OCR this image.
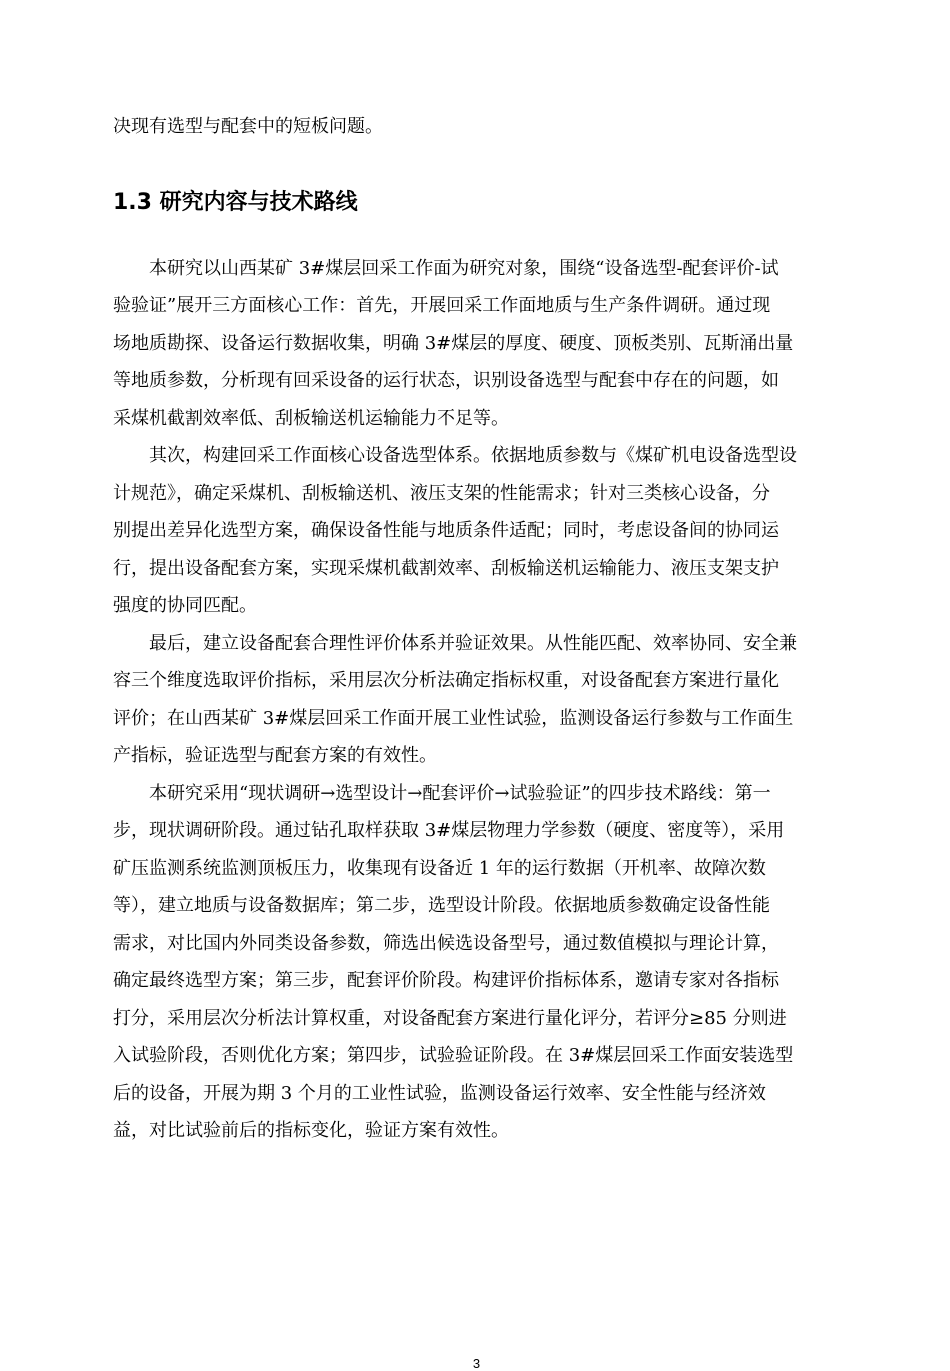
决现有选型与配套中的短板问题。

1.3 研究内容与技术路线

本研究以山西某矿 3#煤层回采工作面为研究对象，围绕“设备选型-配套评价-试

验验证”展开三方面核心工作：首先，开展回采工作面地质与生产条件调研。通过现

场地质勘探、设备运行数据收集，明确 3#煤层的厚度、硬度、顶板类别、瓦斯涌出量

等地质参数，分析现有回采设备的运行状态，识别设备选型与配套中存在的问题，如

采煤机截割效率低、刮板输送机运输能力不足等。

其次，构建回采工作面核心设备选型体系。依据地质参数与《煤矿机电设备选型设

计规范》，确定采煤机、刮板输送机、液压支架的性能需求；针对三类核心设备，分

别提出差异化选型方案，确保设备性能与地质条件适配；同时，考虑设备间的协同运

行，提出设备配套方案，实现采煤机截割效率、刮板输送机运输能力、液压支架支护

强度的协同匹配。

最后，建立设备配套合理性评价体系并验证效果。从性能匹配、效率协同、安全兼

容三个维度选取评价指标，采用层次分析法确定指标权重，对设备配套方案进行量化

评价；在山西某矿 3#煤层回采工作面开展工业性试验，监测设备运行参数与工作面生

产指标，验证选型与配套方案的有效性。

本研究采用“现状调研→选型设计→配套评价→试验验证”的四步技术路线：第一

步，现状调研阶段。通过钻孔取样获取 3#煤层物理力学参数（硬度、密度等），采用

矿压监测系统监测顶板压力，收集现有设备近 1 年的运行数据（开机率、故障次数

等），建立地质与设备数据库；第二步，选型设计阶段。依据地质参数确定设备性能

需求，对比国内外同类设备参数，筛选出候选设备型号，通过数值模拟与理论计算，

确定最终选型方案；第三步，配套评价阶段。构建评价指标体系，邀请专家对各指标

打分，采用层次分析法计算权重，对设备配套方案进行量化评分，若评分≥85 分则进

入试验阶段，否则优化方案；第四步，试验验证阶段。在 3#煤层回采工作面安装选型

后的设备，开展为期 3 个月的工业性试验，监测设备运行效率、安全性能与经济效

益，对比试验前后的指标变化，验证方案有效性。

3
